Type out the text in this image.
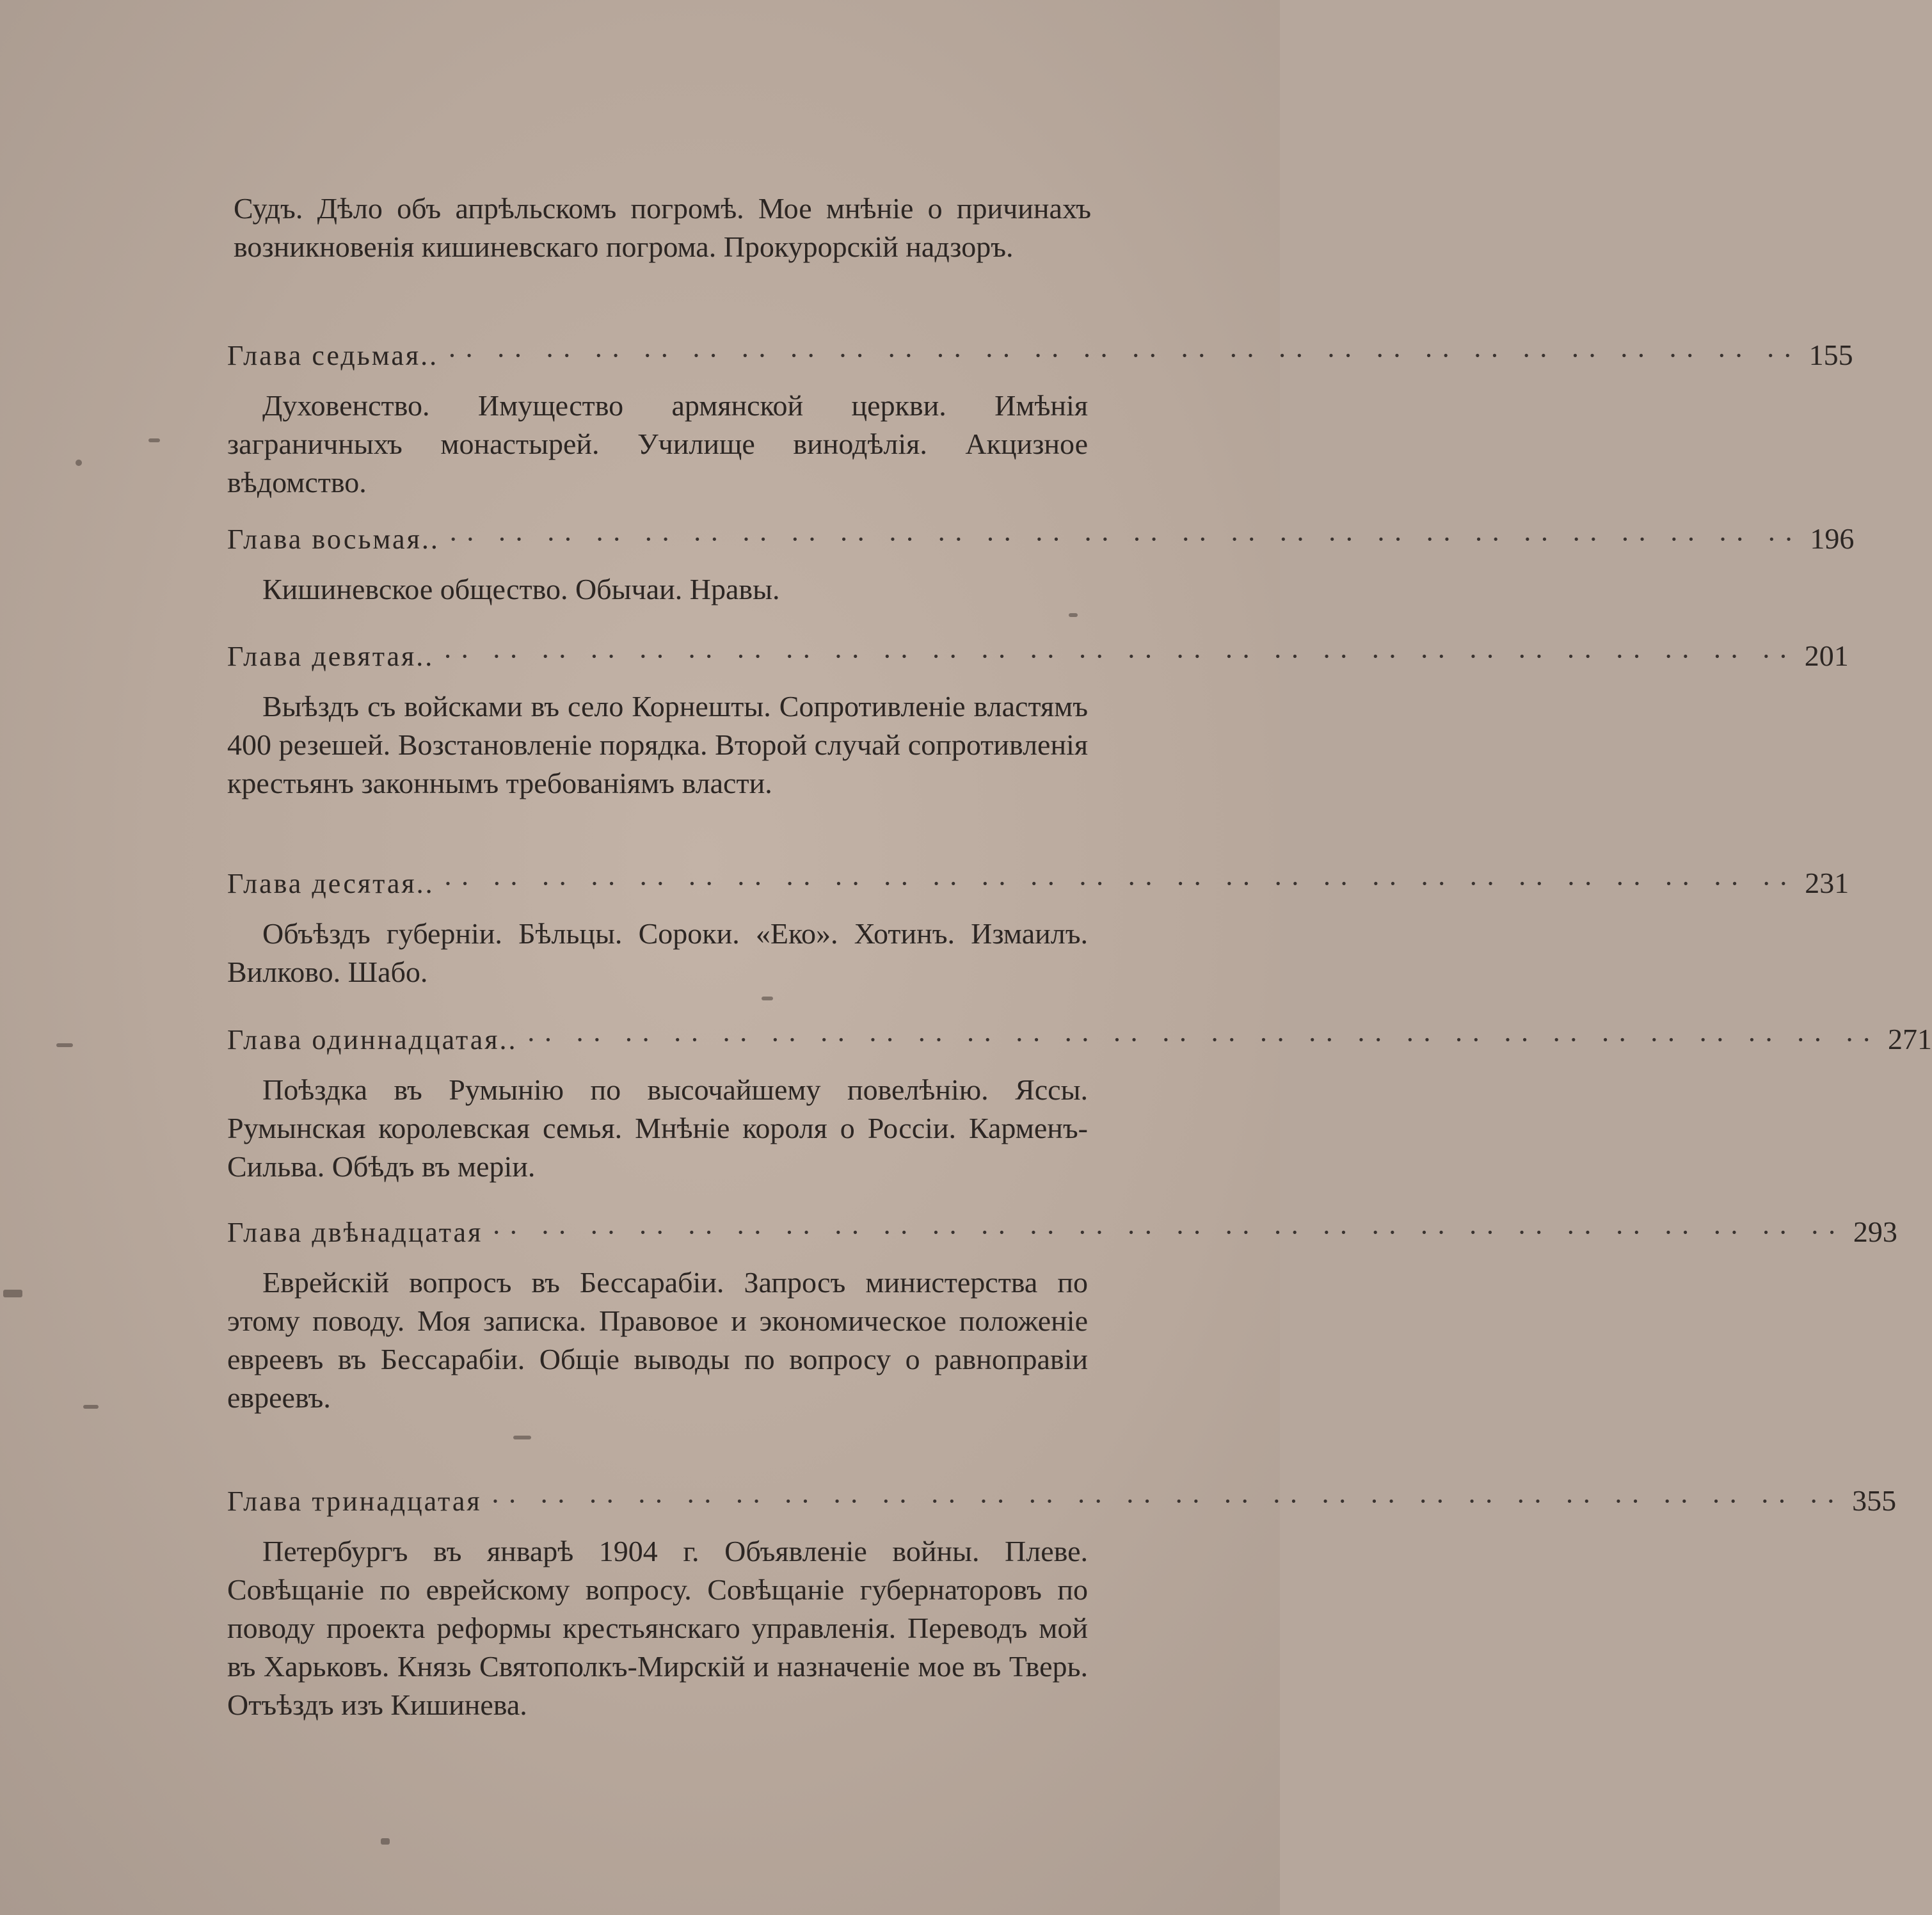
Судъ. Дѣло объ апрѣльскомъ погромѣ. Мое мнѣніе о причинахъ возникновенія кишиневскаго погрома. Прокурорскій надзоръ.
Глава седьмая.. ·· ·· ·· ·· ·· ·· ·· ·· ·· ·· ·· ·· ·· ·· ·· ·· ·· ·· ·· ·· ·· ·· ·· ·· ·· ·· ·· ·· 155
Духовенство. Имущество армянской церкви. Имѣнія заграничныхъ монастырей. Училище винодѣлія. Акцизное вѣдомство.
Глава восьмая.. ·· ·· ·· ·· ·· ·· ·· ·· ·· ·· ·· ·· ·· ·· ·· ·· ·· ·· ·· ·· ·· ·· ·· ·· ·· ·· ·· ·· 196
Кишиневское общество. Обычаи. Нравы.
Глава девятая.. ·· ·· ·· ·· ·· ·· ·· ·· ·· ·· ·· ·· ·· ·· ·· ·· ·· ·· ·· ·· ·· ·· ·· ·· ·· ·· ·· ·· 201
Выѣздъ съ войсками въ село Корнешты. Сопротивленіе властямъ 400 резешей. Возстановленіе порядка. Второй случай сопротивленія крестьянъ законнымъ требованіямъ власти.
Глава десятая.. ·· ·· ·· ·· ·· ·· ·· ·· ·· ·· ·· ·· ·· ·· ·· ·· ·· ·· ·· ·· ·· ·· ·· ·· ·· ·· ·· ·· 231
Объѣздъ губерніи. Бѣльцы. Сороки. «Еко». Хотинъ. Измаилъ. Вилково. Шабо.
Глава одиннадцатая.. ·· ·· ·· ·· ·· ·· ·· ·· ·· ·· ·· ·· ·· ·· ·· ·· ·· ·· ·· ·· ·· ·· ·· ·· ·· ·· ·· ·· 271
Поѣздка въ Румынію по высочайшему повелѣнію. Яссы. Румынская королевская семья. Мнѣніе короля о Россіи. Карменъ-Сильва. Обѣдъ въ меріи.
Глава двѣнадцатая ·· ·· ·· ·· ·· ·· ·· ·· ·· ·· ·· ·· ·· ·· ·· ·· ·· ·· ·· ·· ·· ·· ·· ·· ·· ·· ·· ·· 293
Еврейскій вопросъ въ Бессарабіи. Запросъ министерства по этому поводу. Моя записка. Правовое и экономическое положеніе евреевъ въ Бессарабіи. Общіе выводы по вопросу о равноправіи евреевъ.
Глава тринадцатая ·· ·· ·· ·· ·· ·· ·· ·· ·· ·· ·· ·· ·· ·· ·· ·· ·· ·· ·· ·· ·· ·· ·· ·· ·· ·· ·· ·· 355
Петербургъ въ январѣ 1904 г. Объявленіе войны. Плеве. Совѣщаніе по еврейскому вопросу. Совѣщаніе губернаторовъ по поводу проекта реформы крестьянскаго управленія. Переводъ мой въ Харьковъ. Князь Святополкъ-Мирскій и назначеніе мое въ Тверь. Отъѣздъ изъ Кишинева.
